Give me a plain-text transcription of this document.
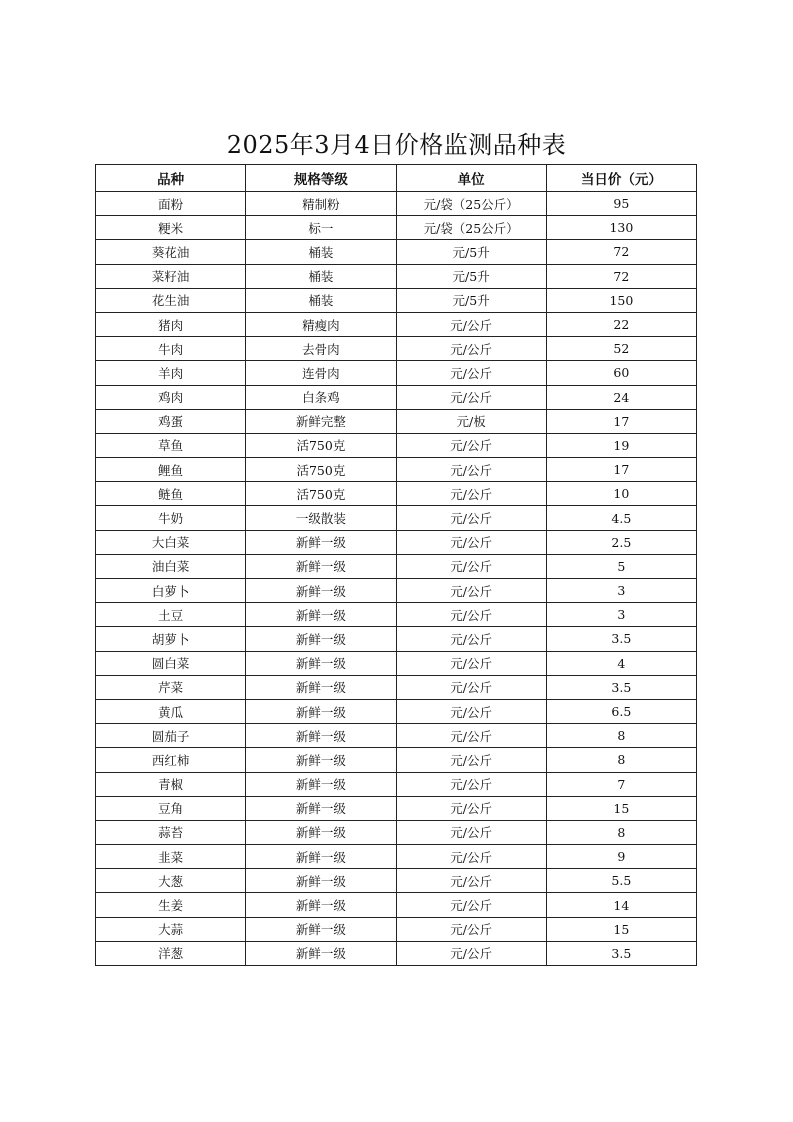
2025年3月4日价格监测品种表
品种	规格等级	单位	当日价（元）
面粉	精制粉	元/袋（25公斤）	95
粳米	标一	元/袋（25公斤）	130
葵花油	桶装	元/5升	72
菜籽油	桶装	元/5升	72
花生油	桶装	元/5升	150
猪肉	精瘦肉	元/公斤	22
牛肉	去骨肉	元/公斤	52
羊肉	连骨肉	元/公斤	60
鸡肉	白条鸡	元/公斤	24
鸡蛋	新鲜完整	元/板	17
草鱼	活750克	元/公斤	19
鲤鱼	活750克	元/公斤	17
鲢鱼	活750克	元/公斤	10
牛奶	一级散装	元/公斤	4.5
大白菜	新鲜一级	元/公斤	2.5
油白菜	新鲜一级	元/公斤	5
白萝卜	新鲜一级	元/公斤	3
土豆	新鲜一级	元/公斤	3
胡萝卜	新鲜一级	元/公斤	3.5
圆白菜	新鲜一级	元/公斤	4
芹菜	新鲜一级	元/公斤	3.5
黄瓜	新鲜一级	元/公斤	6.5
圆茄子	新鲜一级	元/公斤	8
西红柿	新鲜一级	元/公斤	8
青椒	新鲜一级	元/公斤	7
豆角	新鲜一级	元/公斤	15
蒜苔	新鲜一级	元/公斤	8
韭菜	新鲜一级	元/公斤	9
大葱	新鲜一级	元/公斤	5.5
生姜	新鲜一级	元/公斤	14
大蒜	新鲜一级	元/公斤	15
洋葱	新鲜一级	元/公斤	3.5
